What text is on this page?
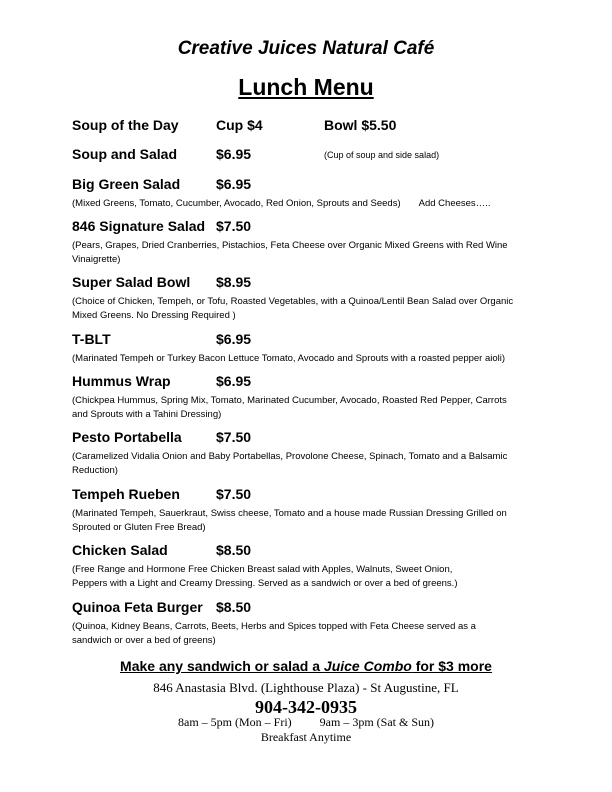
Creative Juices Natural Café
Lunch Menu
Soup of the Day	Cup $4	Bowl $5.50
Soup and Salad	$6.95	(Cup of soup and side salad)
Big Green Salad	$6.95
(Mixed Greens, Tomato, Cucumber, Avocado, Red Onion, Sprouts and Seeds) Add Cheeses…..
846 Signature Salad $7.50
(Pears, Grapes, Dried Cranberries, Pistachios, Feta Cheese over Organic Mixed Greens with Red Wine
Vinaigrette)
Super Salad Bowl $8.95
(Choice of Chicken, Tempeh, or Tofu, Roasted Vegetables, with a Quinoa/Lentil Bean Salad over Organic
Mixed Greens. No Dressing Required )
T-BLT	$6.95
(Marinated Tempeh or Turkey Bacon Lettuce Tomato, Avocado and Sprouts with a roasted pepper aioli)
Hummus Wrap	$6.95
(Chickpea Hummus, Spring Mix, Tomato, Marinated Cucumber, Avocado, Roasted Red Pepper, Carrots
and Sprouts with a Tahini Dressing)
Pesto Portabella $7.50
(Caramelized Vidalia Onion and Baby Portabellas, Provolone Cheese, Spinach, Tomato and a Balsamic
Reduction)
Tempeh Rueben	$7.50
(Marinated Tempeh, Sauerkraut, Swiss cheese, Tomato and a house made Russian Dressing Grilled on
Sprouted or Gluten Free Bread)
Chicken Salad	$8.50
(Free Range and Hormone Free Chicken Breast salad with Apples, Walnuts, Sweet Onion,
Peppers with a Light and Creamy Dressing. Served as a sandwich or over a bed of greens.)
Quinoa Feta Burger $8.50
(Quinoa, Kidney Beans, Carrots, Beets, Herbs and Spices topped with Feta Cheese served as a
sandwich or over a bed of greens)
Make any sandwich or salad a Juice Combo for $3 more
846 Anastasia Blvd. (Lighthouse Plaza) - St Augustine, FL
904-342-0935
8am – 5pm (Mon – Fri) 9am – 3pm (Sat & Sun)
Breakfast Anytime
